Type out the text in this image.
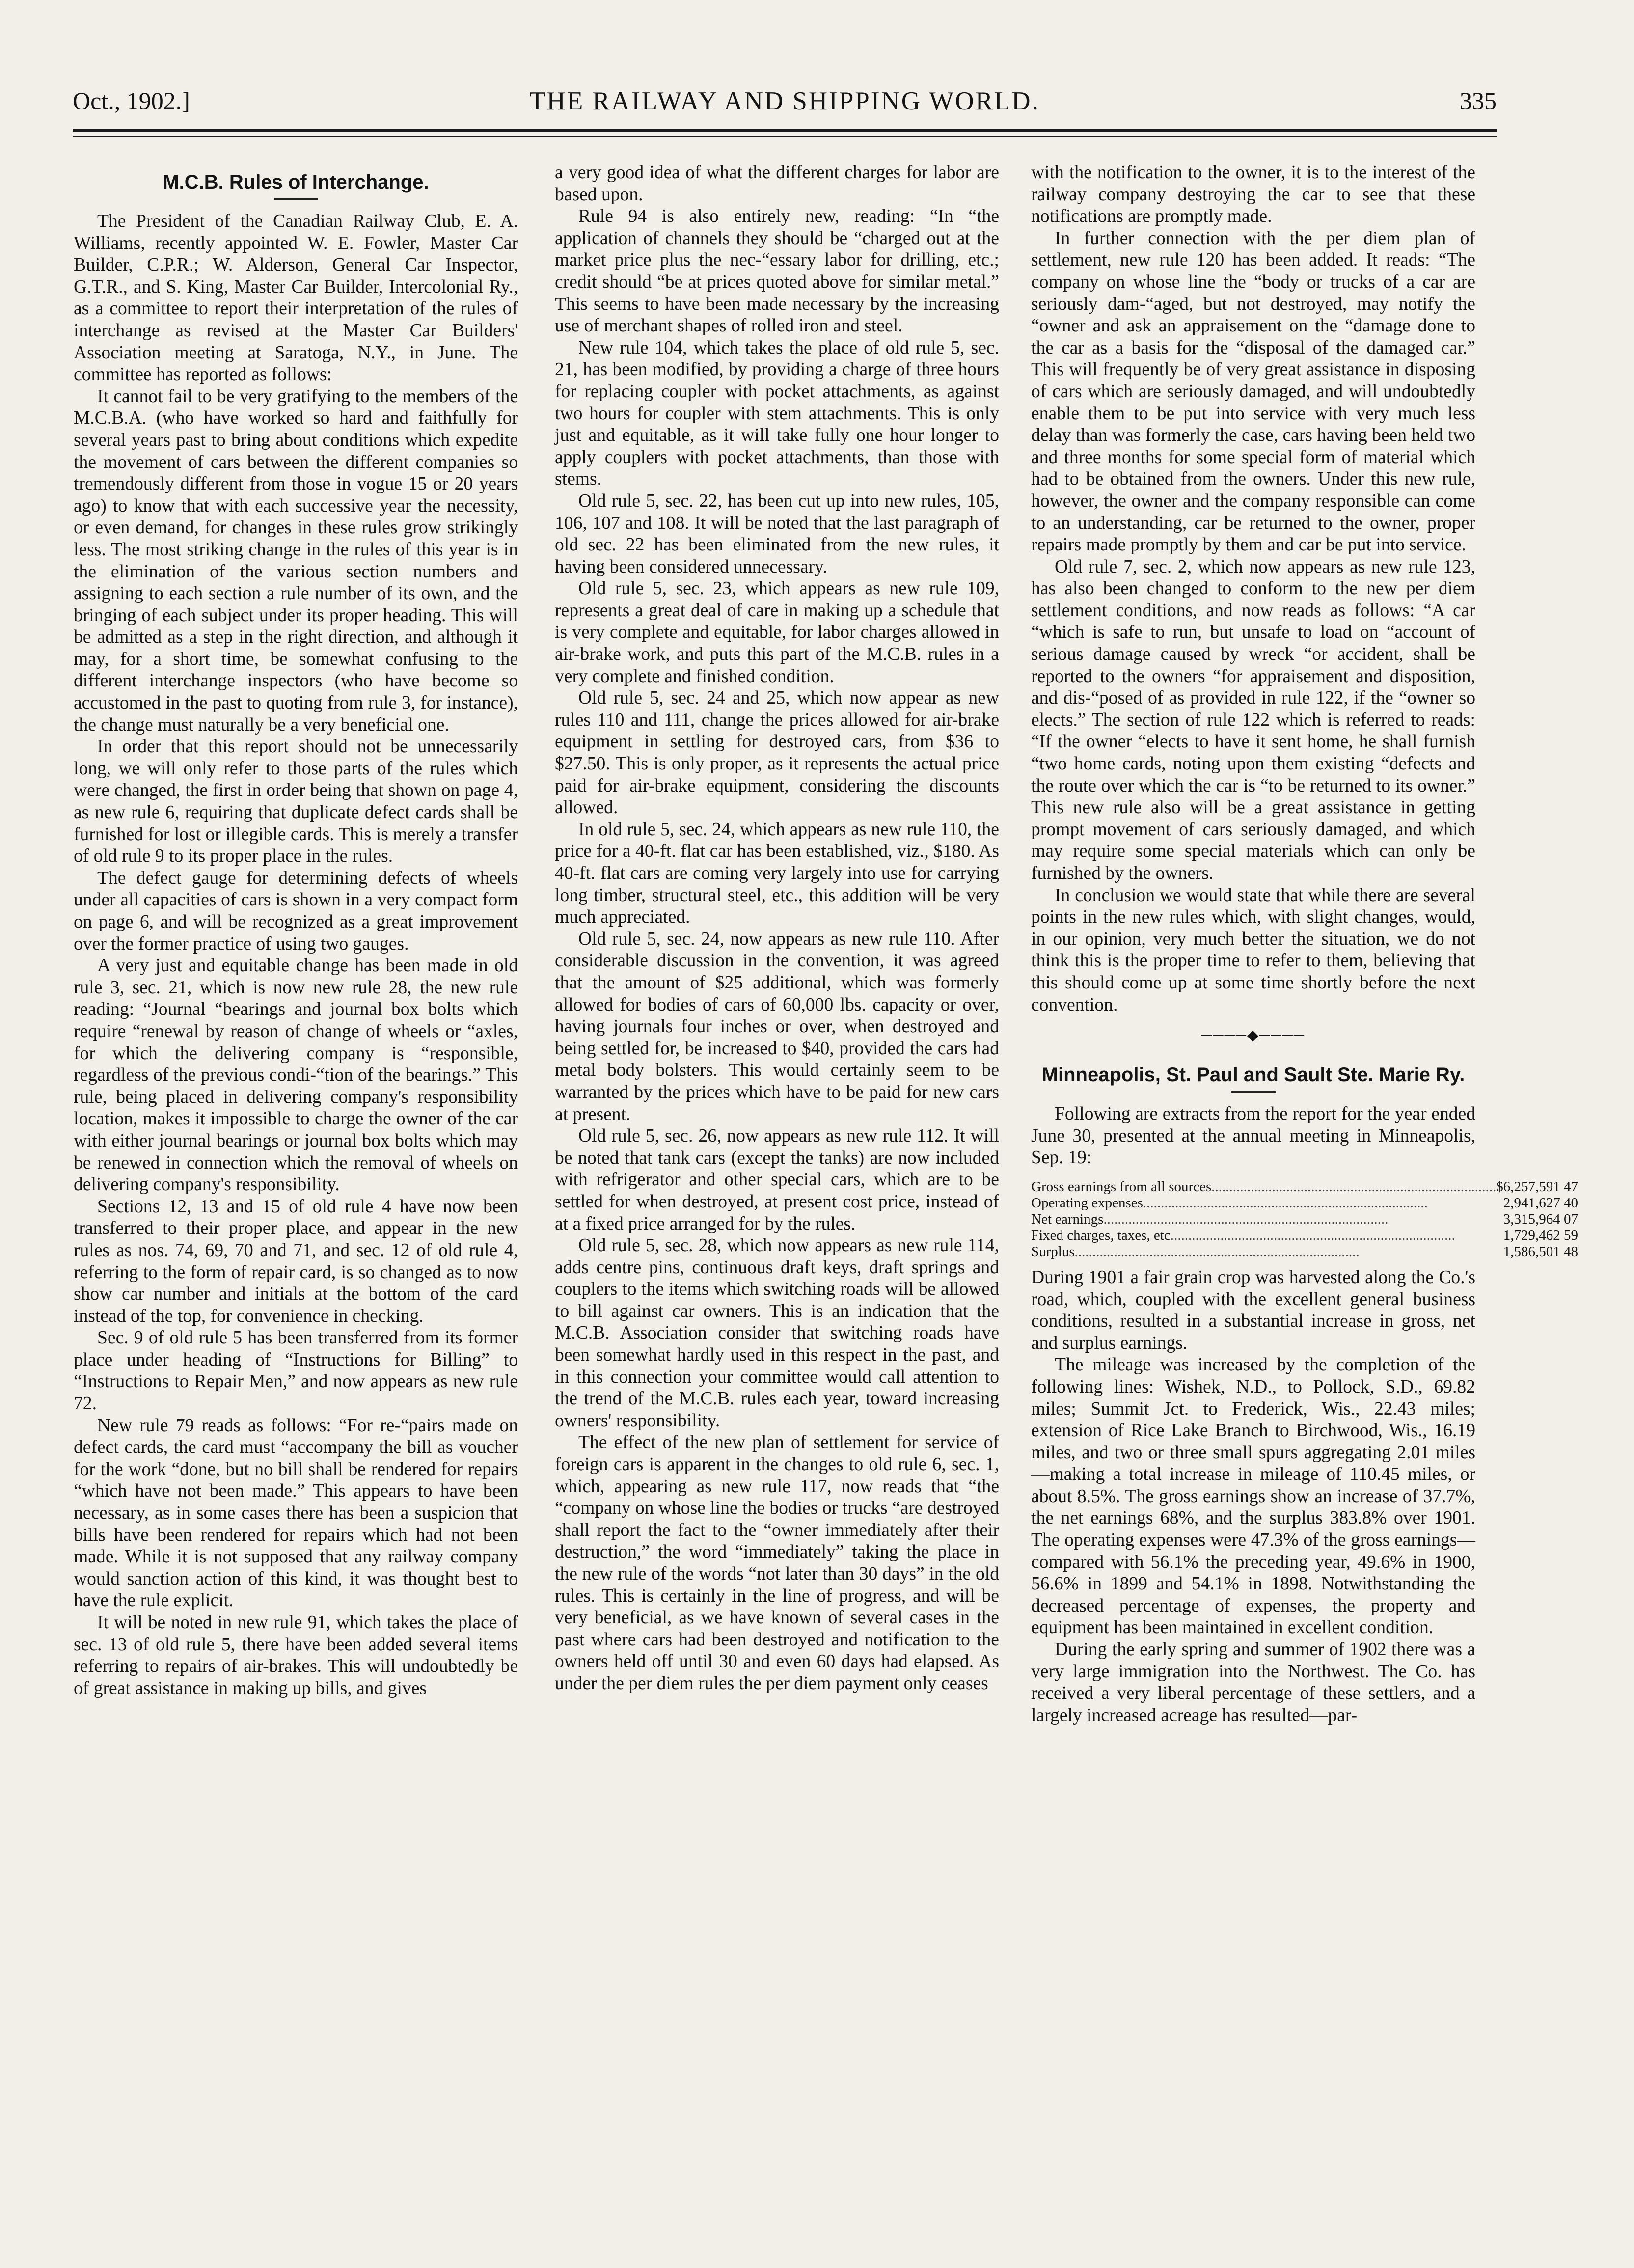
Oct., 1902.]	THE RAILWAY AND SHIPPING WORLD.	335
M.C.B. Rules of Interchange.

The President of the Canadian Railway Club, E. A. Williams, recently appointed W. E. Fowler, Master Car Builder, C.P.R.; W. Alderson, General Car Inspector, G.T.R., and S. King, Master Car Builder, Intercolonial Ry., as a committee to report their interpretation of the rules of interchange as revised at the Master Car Builders' Association meeting at Saratoga, N.Y., in June. The committee has reported as follows:

It cannot fail to be very gratifying to the members of the M.C.B.A. (who have worked so hard and faithfully for several years past to bring about conditions which expedite the movement of cars between the different companies so tremendously different from those in vogue 15 or 20 years ago) to know that with each successive year the necessity, or even demand, for changes in these rules grow strikingly less. The most striking change in the rules of this year is in the elimination of the various section numbers and assigning to each section a rule number of its own, and the bringing of each subject under its proper heading. This will be admitted as a step in the right direction, and although it may, for a short time, be somewhat confusing to the different interchange inspectors (who have become so accustomed in the past to quoting from rule 3, for instance), the change must naturally be a very beneficial one.

In order that this report should not be unnecessarily long, we will only refer to those parts of the rules which were changed, the first in order being that shown on page 4, as new rule 6, requiring that duplicate defect cards shall be furnished for lost or illegible cards. This is merely a transfer of old rule 9 to its proper place in the rules.

The defect gauge for determining defects of wheels under all capacities of cars is shown in a very compact form on page 6, and will be recognized as a great improvement over the former practice of using two gauges.

A very just and equitable change has been made in old rule 3, sec. 21, which is now new rule 28, the new rule reading: “Journal “bearings and journal box bolts which require “renewal by reason of change of wheels or “axles, for which the delivering company is “responsible, regardless of the previous condi-“tion of the bearings.” This rule, being placed in delivering company's responsibility location, makes it impossible to charge the owner of the car with either journal bearings or journal box bolts which may be renewed in connection which the removal of wheels on delivering company's responsibility.

Sections 12, 13 and 15 of old rule 4 have now been transferred to their proper place, and appear in the new rules as nos. 74, 69, 70 and 71, and sec. 12 of old rule 4, referring to the form of repair card, is so changed as to now show car number and initials at the bottom of the card instead of the top, for convenience in checking.

Sec. 9 of old rule 5 has been transferred from its former place under heading of “Instructions for Billing” to “Instructions to Repair Men,” and now appears as new rule 72.

New rule 79 reads as follows: “For re-“pairs made on defect cards, the card must “accompany the bill as voucher for the work “done, but no bill shall be rendered for repairs “which have not been made.” This appears to have been necessary, as in some cases there has been a suspicion that bills have been rendered for repairs which had not been made. While it is not supposed that any railway company would sanction action of this kind, it was thought best to have the rule explicit.

It will be noted in new rule 91, which takes the place of sec. 13 of old rule 5, there have been added several items referring to repairs of air-brakes. This will undoubtedly be of great assistance in making up bills, and gives

a very good idea of what the different charges for labor are based upon.

Rule 94 is also entirely new, reading: “In “the application of channels they should be “charged out at the market price plus the nec-“essary labor for drilling, etc.; credit should “be at prices quoted above for similar metal.” This seems to have been made necessary by the increasing use of merchant shapes of rolled iron and steel.

New rule 104, which takes the place of old rule 5, sec. 21, has been modified, by providing a charge of three hours for replacing coupler with pocket attachments, as against two hours for coupler with stem attachments. This is only just and equitable, as it will take fully one hour longer to apply couplers with pocket attachments, than those with stems.

Old rule 5, sec. 22, has been cut up into new rules, 105, 106, 107 and 108. It will be noted that the last paragraph of old sec. 22 has been eliminated from the new rules, it having been considered unnecessary.

Old rule 5, sec. 23, which appears as new rule 109, represents a great deal of care in making up a schedule that is very complete and equitable, for labor charges allowed in air-brake work, and puts this part of the M.C.B. rules in a very complete and finished condition.

Old rule 5, sec. 24 and 25, which now appear as new rules 110 and 111, change the prices allowed for air-brake equipment in settling for destroyed cars, from $36 to $27.50. This is only proper, as it represents the actual price paid for air-brake equipment, considering the discounts allowed.

In old rule 5, sec. 24, which appears as new rule 110, the price for a 40-ft. flat car has been established, viz., $180. As 40-ft. flat cars are coming very largely into use for carrying long timber, structural steel, etc., this addition will be very much appreciated.

Old rule 5, sec. 24, now appears as new rule 110. After considerable discussion in the convention, it was agreed that the amount of $25 additional, which was formerly allowed for bodies of cars of 60,000 lbs. capacity or over, having journals four inches or over, when destroyed and being settled for, be increased to $40, provided the cars had metal body bolsters. This would certainly seem to be warranted by the prices which have to be paid for new cars at present.

Old rule 5, sec. 26, now appears as new rule 112. It will be noted that tank cars (except the tanks) are now included with refrigerator and other special cars, which are to be settled for when destroyed, at present cost price, instead of at a fixed price arranged for by the rules.

Old rule 5, sec. 28, which now appears as new rule 114, adds centre pins, continuous draft keys, draft springs and couplers to the items which switching roads will be allowed to bill against car owners. This is an indication that the M.C.B. Association consider that switching roads have been somewhat hardly used in this respect in the past, and in this connection your committee would call attention to the trend of the M.C.B. rules each year, toward increasing owners' responsibility.

The effect of the new plan of settlement for service of foreign cars is apparent in the changes to old rule 6, sec. 1, which, appearing as new rule 117, now reads that “the “company on whose line the bodies or trucks “are destroyed shall report the fact to the “owner immediately after their destruction,” the word “immediately” taking the place in the new rule of the words “not later than 30 days” in the old rules. This is certainly in the line of progress, and will be very beneficial, as we have known of several cases in the past where cars had been destroyed and notification to the owners held off until 30 and even 60 days had elapsed. As under the per diem rules the per diem payment only ceases

with the notification to the owner, it is to the interest of the railway company destroying the car to see that these notifications are promptly made.

In further connection with the per diem plan of settlement, new rule 120 has been added. It reads: “The company on whose line the “body or trucks of a car are seriously dam-“aged, but not destroyed, may notify the “owner and ask an appraisement on the “damage done to the car as a basis for the “disposal of the damaged car.” This will frequently be of very great assistance in disposing of cars which are seriously damaged, and will undoubtedly enable them to be put into service with very much less delay than was formerly the case, cars having been held two and three months for some special form of material which had to be obtained from the owners. Under this new rule, however, the owner and the company responsible can come to an understanding, car be returned to the owner, proper repairs made promptly by them and car be put into service.

Old rule 7, sec. 2, which now appears as new rule 123, has also been changed to conform to the new per diem settlement conditions, and now reads as follows: “A car “which is safe to run, but unsafe to load on “account of serious damage caused by wreck “or accident, shall be reported to the owners “for appraisement and disposition, and dis-“posed of as provided in rule 122, if the “owner so elects.” The section of rule 122 which is referred to reads: “If the owner “elects to have it sent home, he shall furnish “two home cards, noting upon them existing “defects and the route over which the car is “to be returned to its owner.” This new rule also will be a great assistance in getting prompt movement of cars seriously damaged, and which may require some special materials which can only be furnished by the owners.

In conclusion we would state that while there are several points in the new rules which, with slight changes, would, in our opinion, very much better the situation, we do not think this is the proper time to refer to them, believing that this should come up at some time shortly before the next convention.

────◆────
Minneapolis, St. Paul and Sault Ste. Marie Ry.

Following are extracts from the report for the year ended June 30, presented at the annual meeting in Minneapolis, Sep. 19:

Gross earnings from all sources................................................................................	$6,257,591 47
Operating expenses................................................................................	2,941,627 40
Net earnings................................................................................	3,315,964 07
Fixed charges, taxes, etc................................................................................	1,729,462 59
Surplus................................................................................	1,586,501 48

During 1901 a fair grain crop was harvested along the Co.'s road, which, coupled with the excellent general business conditions, resulted in a substantial increase in gross, net and surplus earnings.

The mileage was increased by the completion of the following lines: Wishek, N.D., to Pollock, S.D., 69.82 miles; Summit Jct. to Frederick, Wis., 22.43 miles; extension of Rice Lake Branch to Birchwood, Wis., 16.19 miles, and two or three small spurs aggregating 2.01 miles—making a total increase in mileage of 110.45 miles, or about 8.5%. The gross earnings show an increase of 37.7%, the net earnings 68%, and the surplus 383.8% over 1901. The operating expenses were 47.3% of the gross earnings—compared with 56.1% the preceding year, 49.6% in 1900, 56.6% in 1899 and 54.1% in 1898. Notwithstanding the decreased percentage of expenses, the property and equipment has been maintained in excellent condition.

During the early spring and summer of 1902 there was a very large immigration into the Northwest. The Co. has received a very liberal percentage of these settlers, and a largely increased acreage has resulted—par-
